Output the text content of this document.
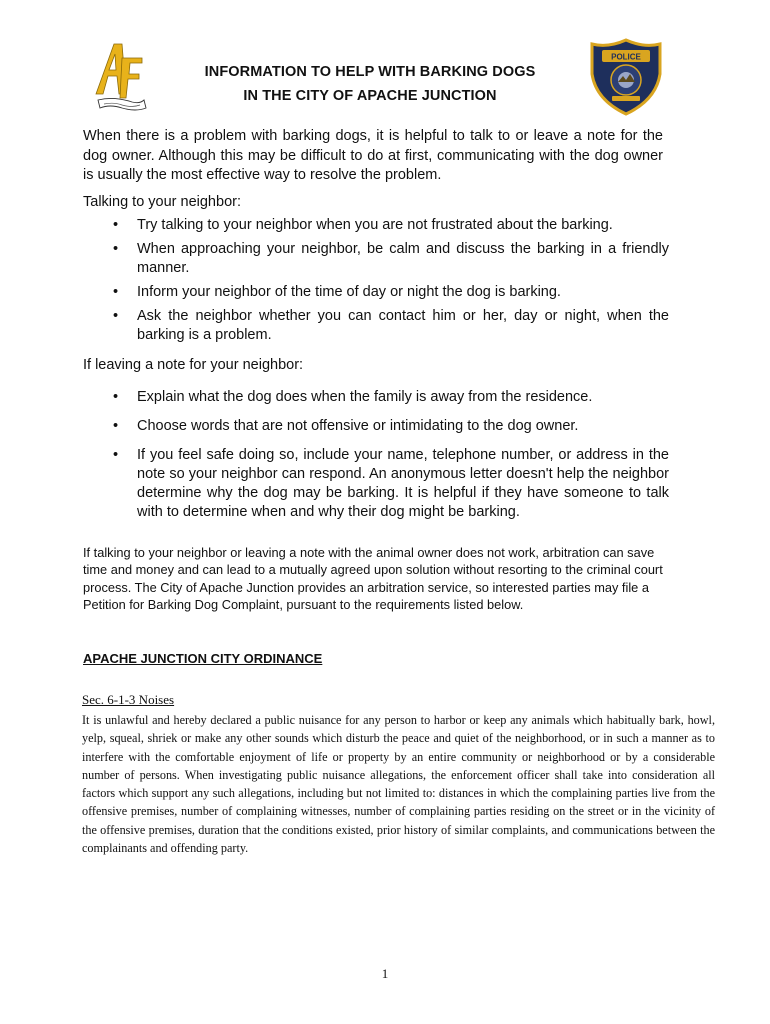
POLICE
INFORMATION TO HELP WITH BARKING DOGS
IN THE CITY OF APACHE JUNCTION
When there is a problem with barking dogs, it is helpful to talk to or leave a note for the dog owner. Although this may be difficult to do at first, communicating with the dog owner is usually the most effective way to resolve the problem.
Talking to your neighbor:
• Try talking to your neighbor when you are not frustrated about the barking.
• When approaching your neighbor, be calm and discuss the barking in a friendly manner.
• Inform your neighbor of the time of day or night the dog is barking.
• Ask the neighbor whether you can contact him or her, day or night, when the barking is a problem.
If leaving a note for your neighbor:
• Explain what the dog does when the family is away from the residence.
• Choose words that are not offensive or intimidating to the dog owner.
• If you feel safe doing so, include your name, telephone number, or address in the note so your neighbor can respond. An anonymous letter doesn't help the neighbor determine why the dog may be barking. It is helpful if they have someone to talk with to determine when and why their dog might be barking.
If talking to your neighbor or leaving a note with the animal owner does not work, arbitration can save time and money and can lead to a mutually agreed upon solution without resorting to the criminal court process. The City of Apache Junction provides an arbitration service, so interested parties may file a Petition for Barking Dog Complaint, pursuant to the requirements listed below.
APACHE JUNCTION CITY ORDINANCE
Sec. 6-1-3 Noises
It is unlawful and hereby declared a public nuisance for any person to harbor or keep any animals which habitually bark, howl, yelp, squeal, shriek or make any other sounds which disturb the peace and quiet of the neighborhood, or in such a manner as to interfere with the comfortable enjoyment of life or property by an entire community or neighborhood or by a considerable number of persons. When investigating public nuisance allegations, the enforcement officer shall take into consideration all factors which support any such allegations, including but not limited to: distances in which the complaining parties live from the offensive premises, number of complaining witnesses, number of complaining parties residing on the street or in the vicinity of the offensive premises, duration that the conditions existed, prior history of similar complaints, and communications between the complainants and offending party.
1
